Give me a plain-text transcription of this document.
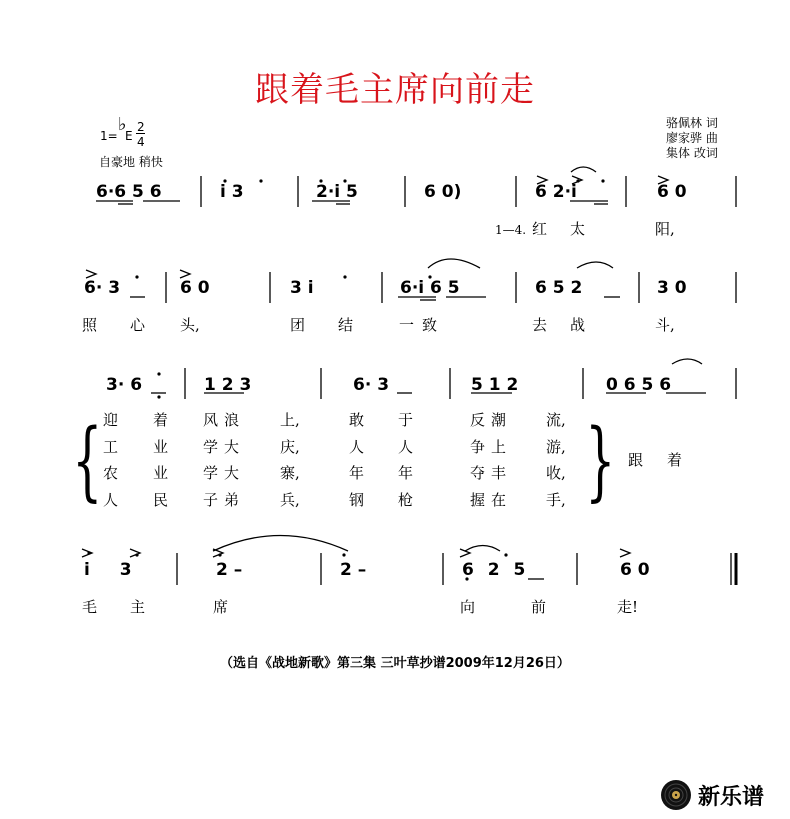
跟着毛主席向前走
1=
♭
E
2
4
自豪地 稍快
骆佩林 词
廖家骅 曲
集体 改词
6·6 5 6	i 3	2·i 5	6 0)	6 2·i	6 0
1—4. 红 太	阳,
6· 3	6 0	3 i	6·i 6 5	6 5 2	3 0
照 心 头,	团 结	一致	去 战	斗,
3· 6	1 2 3	6· 3	5 1 2	0 6 5 6
{	}
迎 着 风浪 上,	敢 于	反潮 流,
工 业 学大 庆,	人 人	争上 游,
农 业 学大 寨,	年 年	夺丰 收,
人 民 子弟 兵,	钢 枪	握在 手,
跟 着
i 3	2 –	2 –	6 2 5	6 0
毛 主	席	向	前	走!
（选自《战地新歌》第三集 三叶草抄谱2009年12月26日）
新乐谱
